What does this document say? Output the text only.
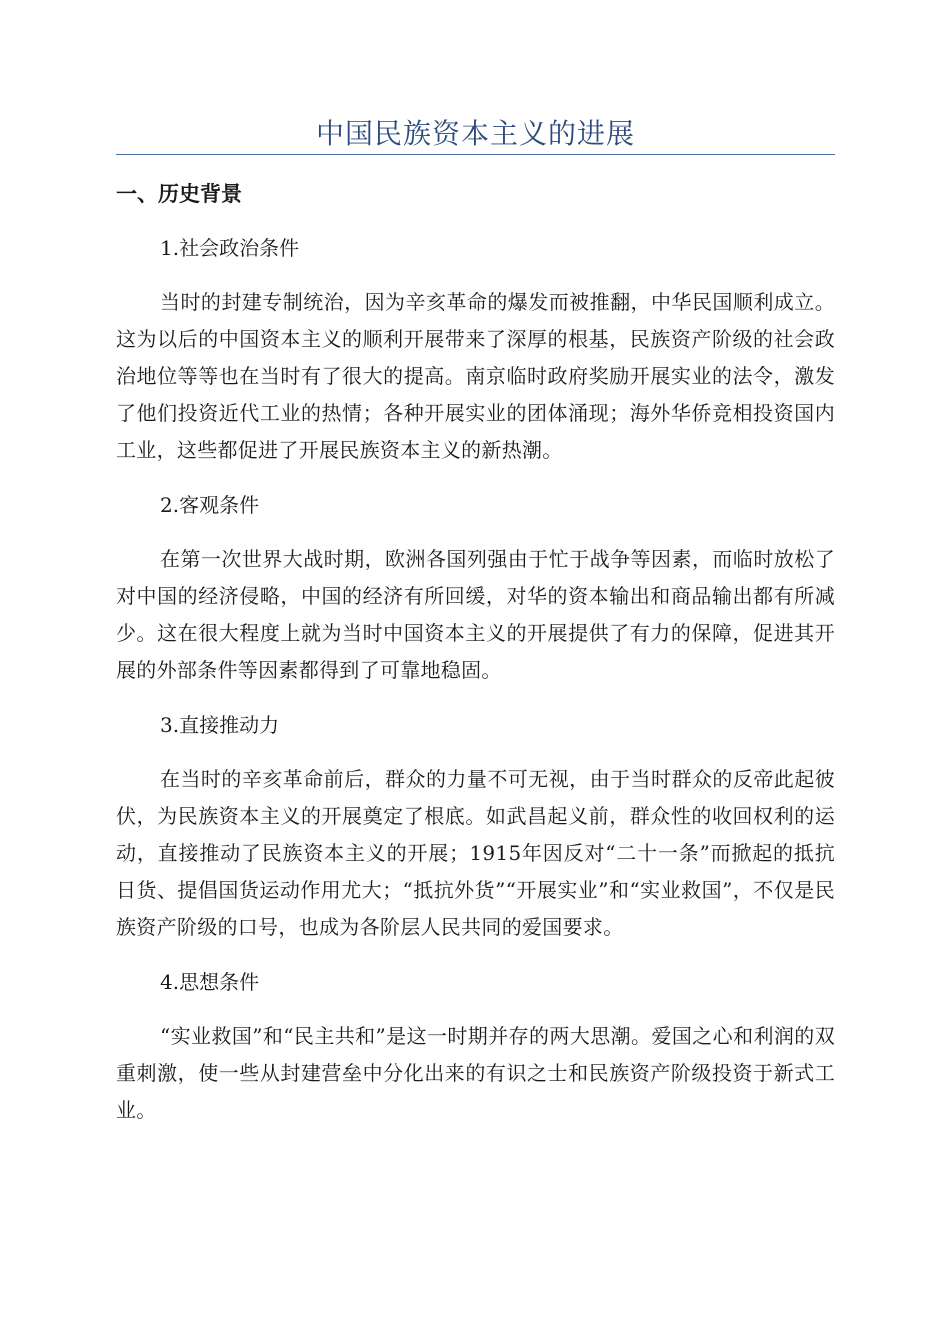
中国民族资本主义的进展
一、历史背景
1.社会政治条件

当时的封建专制统治，因为辛亥革命的爆发而被推翻，中华民国顺利成立。这为以后的中国资本主义的顺利开展带来了深厚的根基，民族资产阶级的社会政治地位等等也在当时有了很大的提高。南京临时政府奖励开展实业的法令，激发了他们投资近代工业的热情；各种开展实业的团体涌现；海外华侨竞相投资国内工业，这些都促进了开展民族资本主义的新热潮。

2.客观条件

在第一次世界大战时期，欧洲各国列强由于忙于战争等因素，而临时放松了对中国的经济侵略，中国的经济有所回缓，对华的资本输出和商品输出都有所减少。这在很大程度上就为当时中国资本主义的开展提供了有力的保障，促进其开展的外部条件等因素都得到了可靠地稳固。

3.直接推动力

在当时的辛亥革命前后，群众的力量不可无视，由于当时群众的反帝此起彼伏，为民族资本主义的开展奠定了根底。如武昌起义前，群众性的收回权利的运动，直接推动了民族资本主义的开展；1915年因反对“二十一条”而掀起的抵抗日货、提倡国货运动作用尤大；“抵抗外货”“开展实业”和“实业救国”，不仅是民族资产阶级的口号，也成为各阶层人民共同的爱国要求。

4.思想条件

“实业救国”和“民主共和”是这一时期并存的两大思潮。爱国之心和利润的双重刺激，使一些从封建营垒中分化出来的有识之士和民族资产阶级投资于新式工业。
